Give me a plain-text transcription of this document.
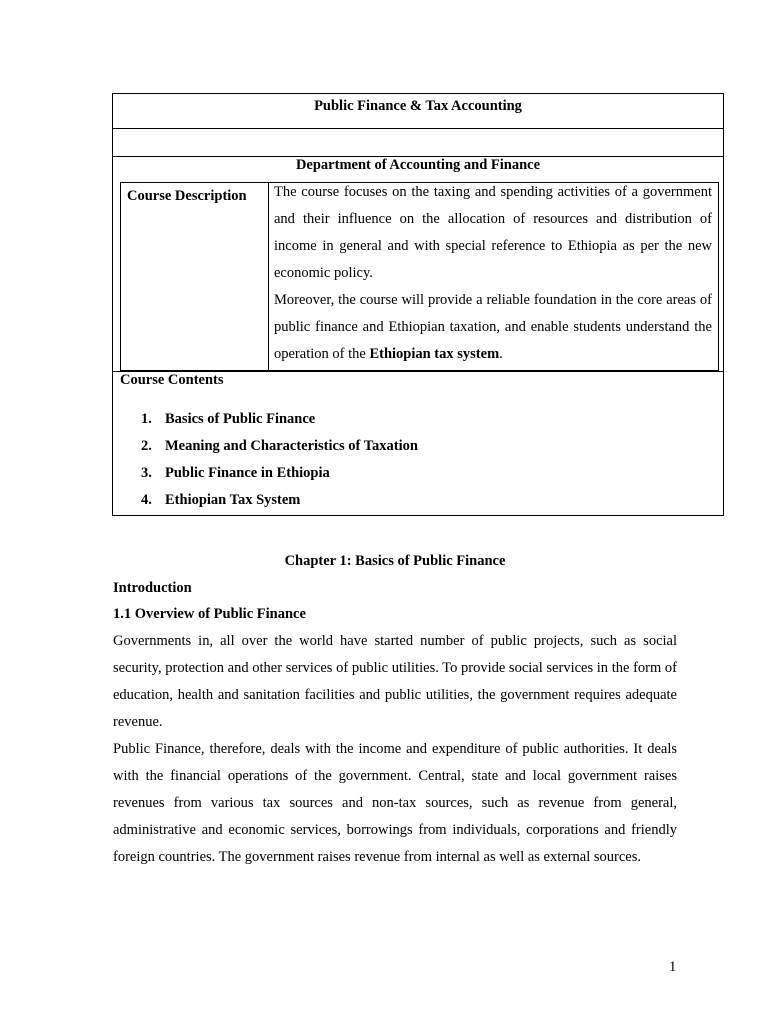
Public Finance & Tax Accounting
Department of Accounting and Finance
Course Description The course focuses on the taxing and spending activities of a government and their influence on the allocation of resources and distribution of income in general and with special reference to Ethiopia as per the new economic policy.

Moreover, the course will provide a reliable foundation in the core areas of public finance and Ethiopian taxation, and enable students understand the operation of the Ethiopian tax system.

Course Contents
1. Basics of Public Finance
2. Meaning and Characteristics of Taxation
3. Public Finance in Ethiopia
4. Ethiopian Tax System
Chapter 1: Basics of Public Finance
Introduction
1.1 Overview of Public Finance

Governments in, all over the world have started number of public projects, such as social security, protection and other services of public utilities. To provide social services in the form of education, health and sanitation facilities and public utilities, the government requires adequate revenue.

Public Finance, therefore, deals with the income and expenditure of public authorities. It deals with the financial operations of the government. Central, state and local government raises revenues from various tax sources and non-tax sources, such as revenue from general, administrative and economic services, borrowings from individuals, corporations and friendly foreign countries. The government raises revenue from internal as well as external sources.

1
